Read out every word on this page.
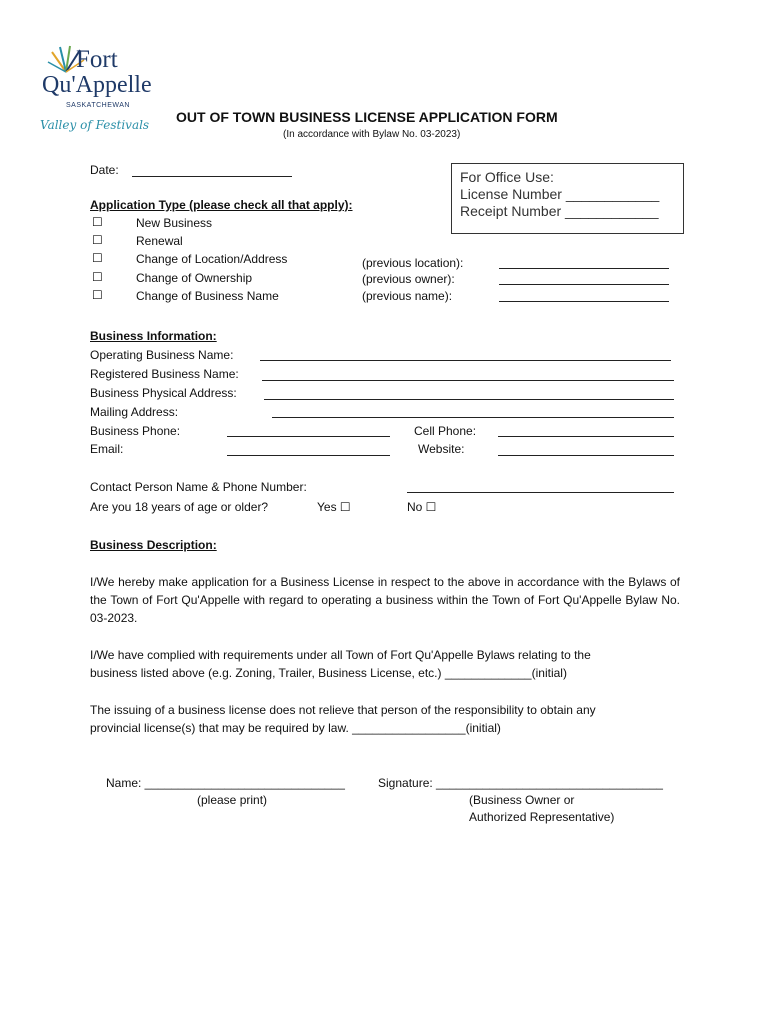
Fort
Qu'Appelle
SASKATCHEWAN
Valley of Festivals OUT OF TOWN BUSINESS LICENSE APPLICATION FORM
(In accordance with Bylaw No. 03-2023)
Date:	For Office Use:
License Number ____________
Receipt Number ____________
Application Type (please check all that apply):
☐	New Business
☐	Renewal
☐	Change of Location/Address	(previous location):
☐	Change of Ownership	(previous owner):
☐	Change of Business Name	(previous name):
Business Information:
Operating Business Name:
Registered Business Name:
Business Physical Address:
Mailing Address:
Business Phone:	Cell Phone:
Email:	Website:
Contact Person Name & Phone Number:
Are you 18 years of age or older?	Yes ☐	No ☐
Business Description:
I/We hereby make application for a Business License in respect to the above in accordance with the Bylaws of the Town of Fort Qu'Appelle with regard to operating a business within the Town of Fort Qu'Appelle Bylaw No. 03-2023.
I/We have complied with requirements under all Town of Fort Qu'Appelle Bylaws relating to the
business listed above (e.g. Zoning, Trailer, Business License, etc.) _____________(initial)
The issuing of a business license does not relieve that person of the responsibility to obtain any
provincial license(s) that may be required by law. _________________(initial)
Name: ______________________________
(please print)
Signature: __________________________________
(Business Owner or
Authorized Representative)
